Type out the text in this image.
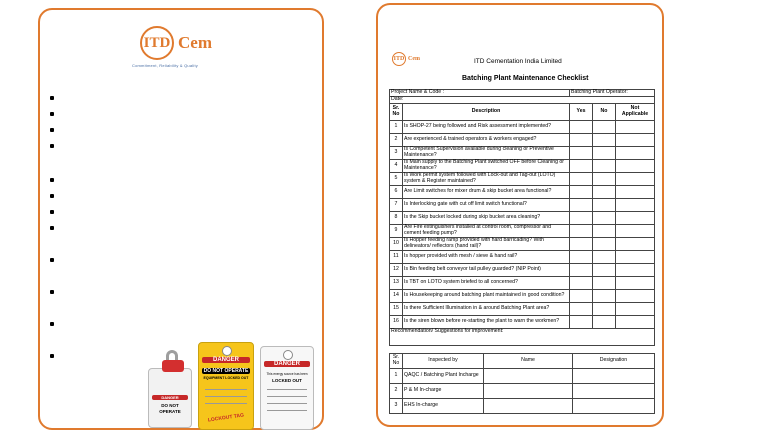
ITD Cem
Commitment, Reliability & Quality
DANGER
DO NOT
OPERATE
DANGER
DO NOT OPERATE
EQUIPMENT LOCKED OUT
LOCKOUT TAG
DANGER
This energy source has been
LOCKED OUT
ITD Cem	ITD Cementation India Limited
Batching Plant Maintenance Checklist
Project Name & Code :		Batching Plant Operator:		
Date:				
Sr. No	Description	Yes	No	Not Applicable
1	Is SHOP-27 being followed and Risk assessment implemented?			
2	Are experienced & trained operators & workers engaged?			
3	Is Competent Supervision available during cleaning or Preventive Maintenance?			
4	Is Main supply to the Batching Plant switched OFF before Cleaning or Maintenance?			
5	Is Work permit system followed with Lock-out and Tag-out (LOTO) system & Register maintained?			
6	Are Limit switches for mixer drum & skip bucket area functional?			
7	Is Interlocking gate with cut off limit switch functional?			
8	Is the Skip bucket locked during skip bucket area cleaning?			
9	Are Fire extinguishers installed at control room, compressor and cement feeding pump?			
10	Is Hopper feeding ramp provided with hard barricading? With delineators/ reflectors (hand rail)?			
11	Is hopper provided with mesh / sieve & hand rail?			
12	Is Bin feeding belt conveyor tail pulley guarded? (NIP Point)			
13	Is TBT on LOTO system briefed to all concerned?			
14	Is Housekeeping around batching plant maintained in good condition?			
15	Is there Sufficient Illumination in & around Batching Plant area?			
16	Is the siren blown before re-starting the plant to warn the workmen?			
Recommendation/ Suggestions for improvement:				
Sr. No	Inspected by	Name	Designation
1	QAQC / Batching Plant Incharge		
2	P & M In-charge		
3	EHS In-charge		
